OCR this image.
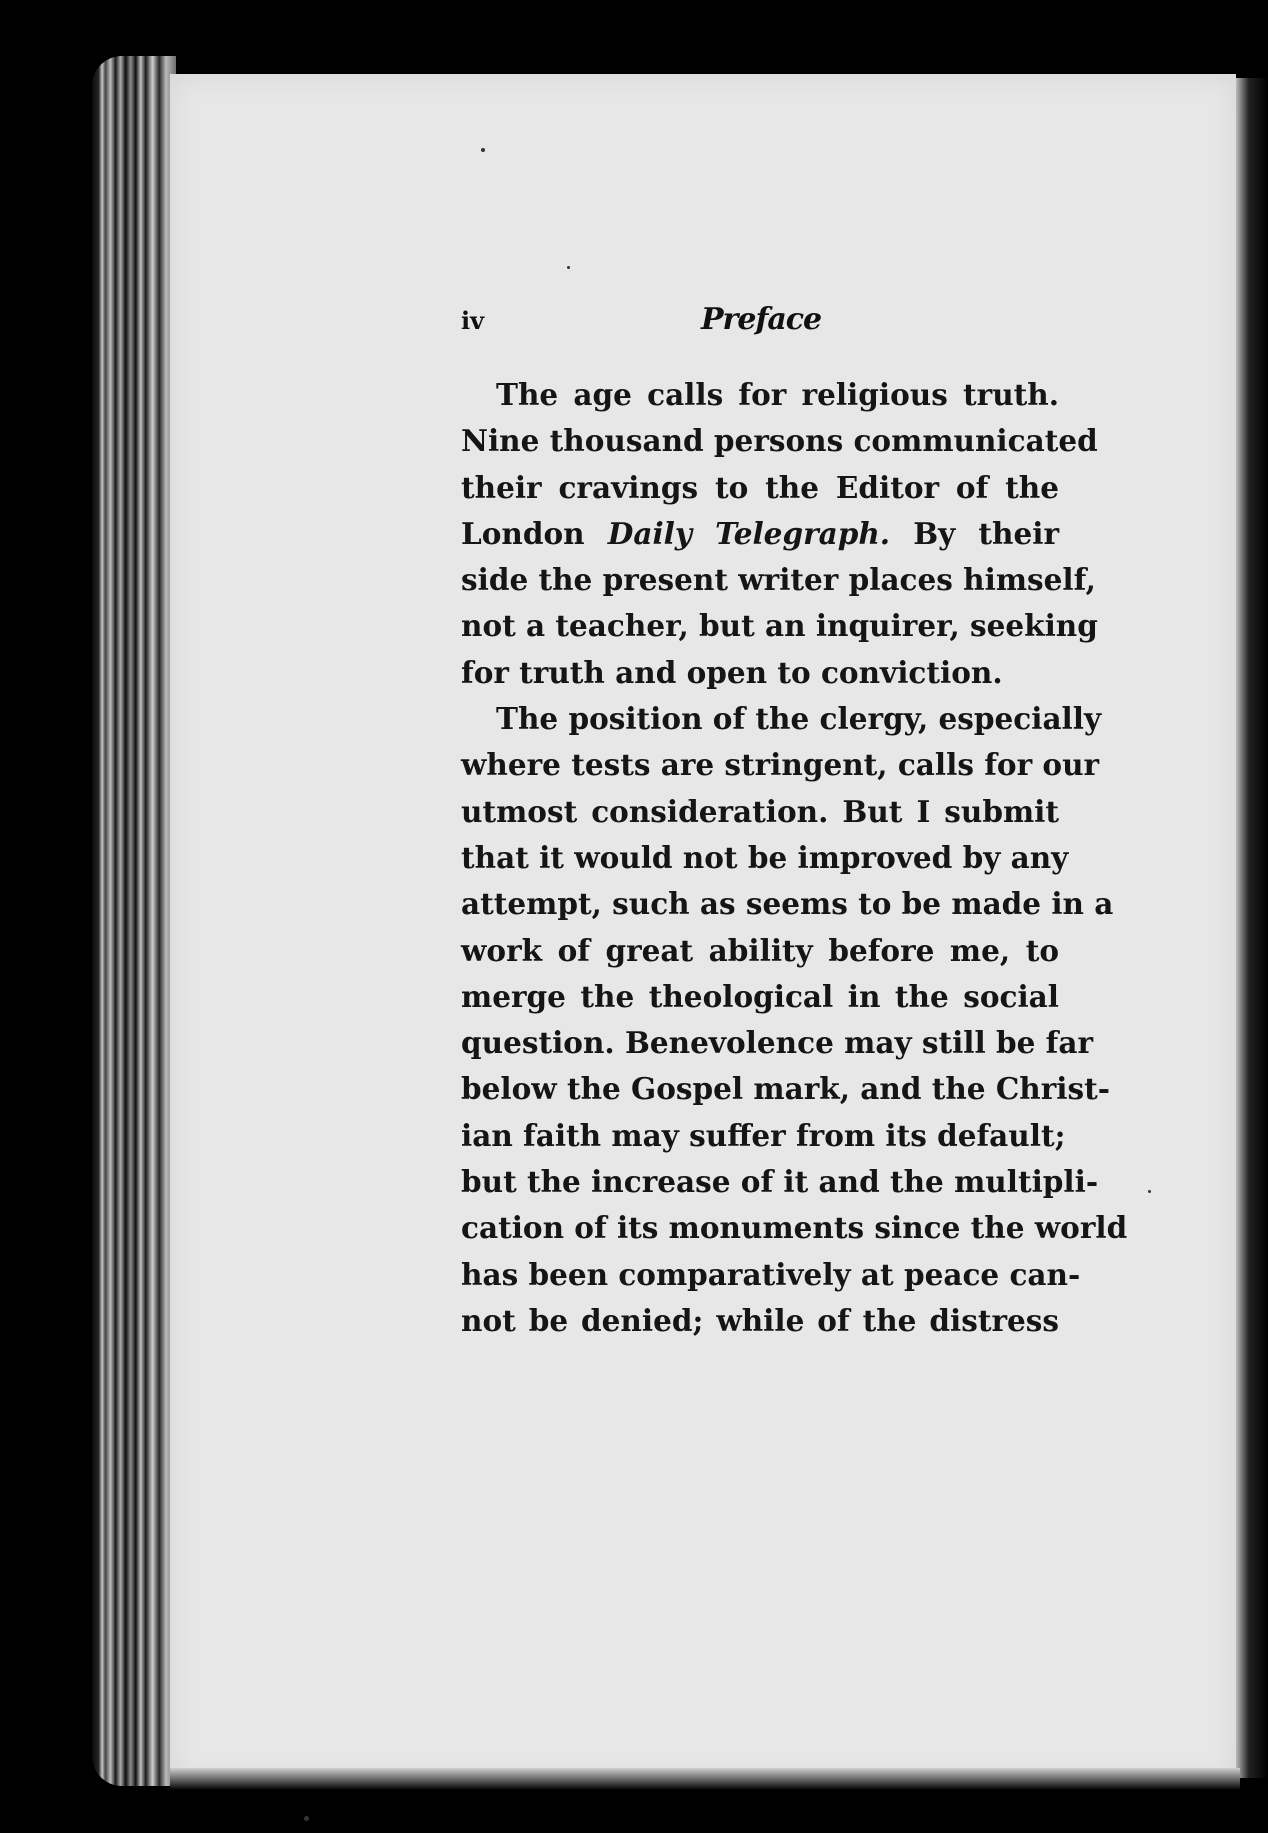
iv	Preface
The age calls for religious truth.
Nine thousand persons communicated
their cravings to the Editor of the
London Daily Telegraph. By their
side the present writer places himself,
not a teacher, but an inquirer, seeking
for truth and open to conviction.
The position of the clergy, especially
where tests are stringent, calls for our
utmost consideration. But I submit
that it would not be improved by any
attempt, such as seems to be made in a
work of great ability before me, to
merge the theological in the social
question. Benevolence may still be far
below the Gospel mark, and the Christ-
ian faith may suffer from its default;
but the increase of it and the multipli-
cation of its monuments since the world
has been comparatively at peace can-
not be denied; while of the distress
